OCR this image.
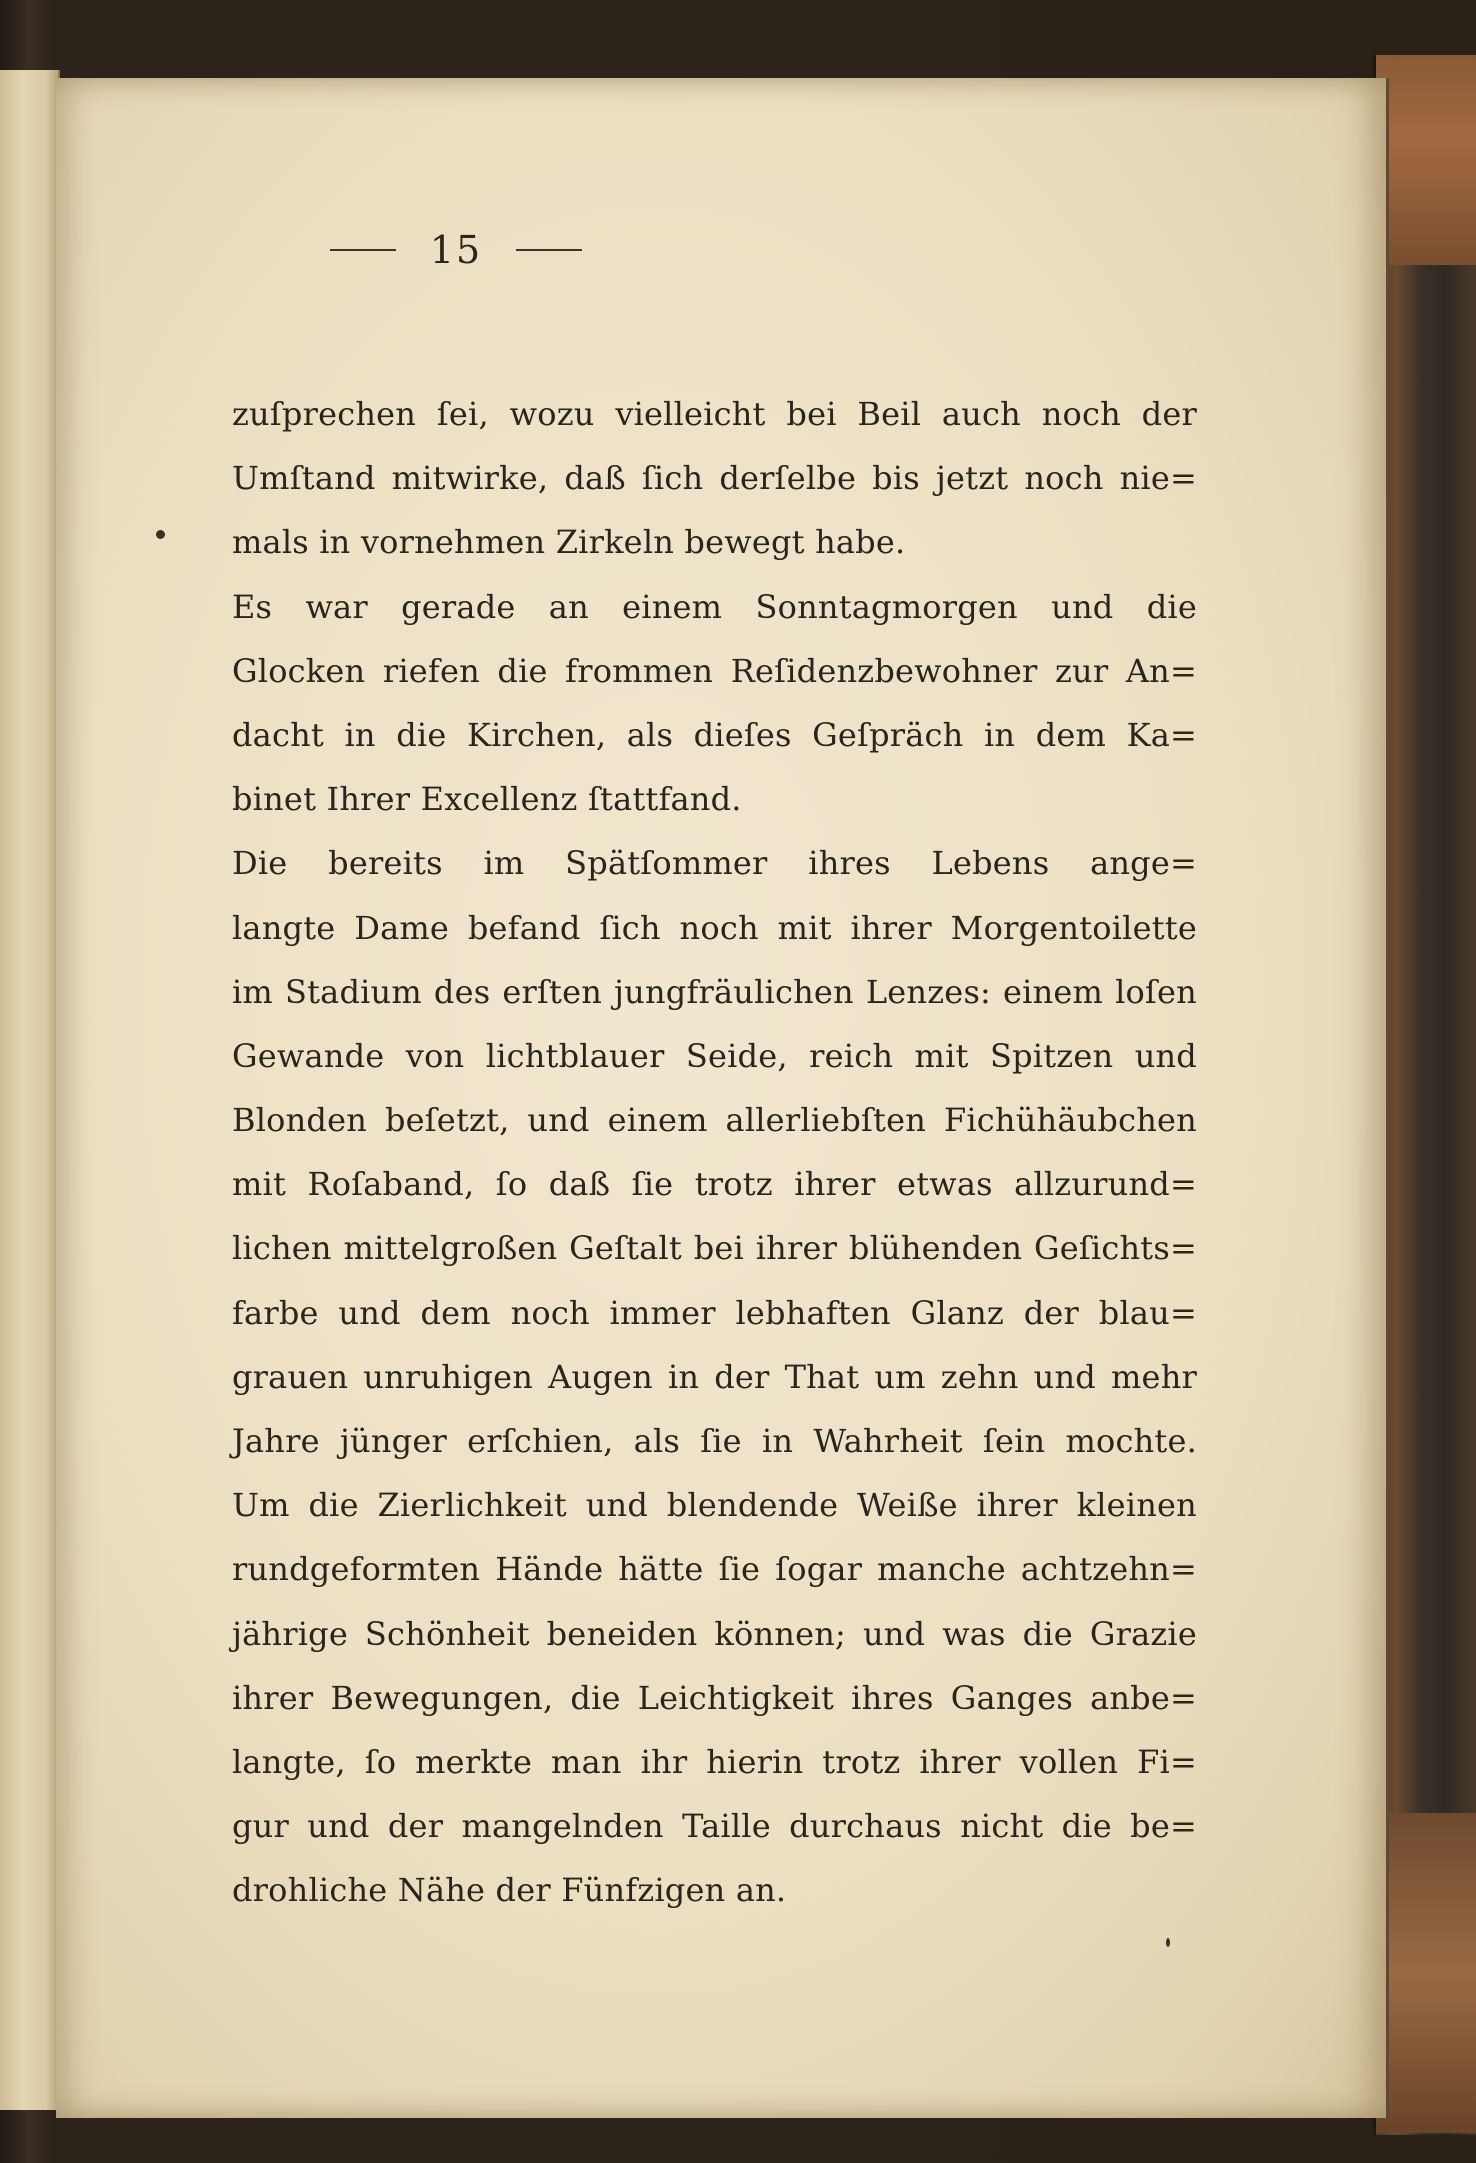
15
zuſprechen ſei, wozu vielleicht bei Beil auch noch der
Umſtand mitwirke, daß ſich derſelbe bis jetzt noch nie=
mals in vornehmen Zirkeln bewegt habe.
Es war gerade an einem Sonntagmorgen und die
Glocken riefen die frommen Reſidenzbewohner zur An=
dacht in die Kirchen, als dieſes Geſpräch in dem Ka=
binet Ihrer Excellenz ſtattfand.
Die bereits im Spätſommer ihres Lebens ange=
langte Dame befand ſich noch mit ihrer Morgentoilette
im Stadium des erſten jungfräulichen Lenzes: einem loſen
Gewande von lichtblauer Seide, reich mit Spitzen und
Blonden beſetzt, und einem allerliebſten Fichühäubchen
mit Roſaband, ſo daß ſie trotz ihrer etwas allzurund=
lichen mittelgroßen Geſtalt bei ihrer blühenden Geſichts=
farbe und dem noch immer lebhaften Glanz der blau=
grauen unruhigen Augen in der That um zehn und mehr
Jahre jünger erſchien, als ſie in Wahrheit ſein mochte.
Um die Zierlichkeit und blendende Weiße ihrer kleinen
rundgeformten Hände hätte ſie ſogar manche achtzehn=
jährige Schönheit beneiden können; und was die Grazie
ihrer Bewegungen, die Leichtigkeit ihres Ganges anbe=
langte, ſo merkte man ihr hierin trotz ihrer vollen Fi=
gur und der mangelnden Taille durchaus nicht die be=
drohliche Nähe der Fünfzigen an.
